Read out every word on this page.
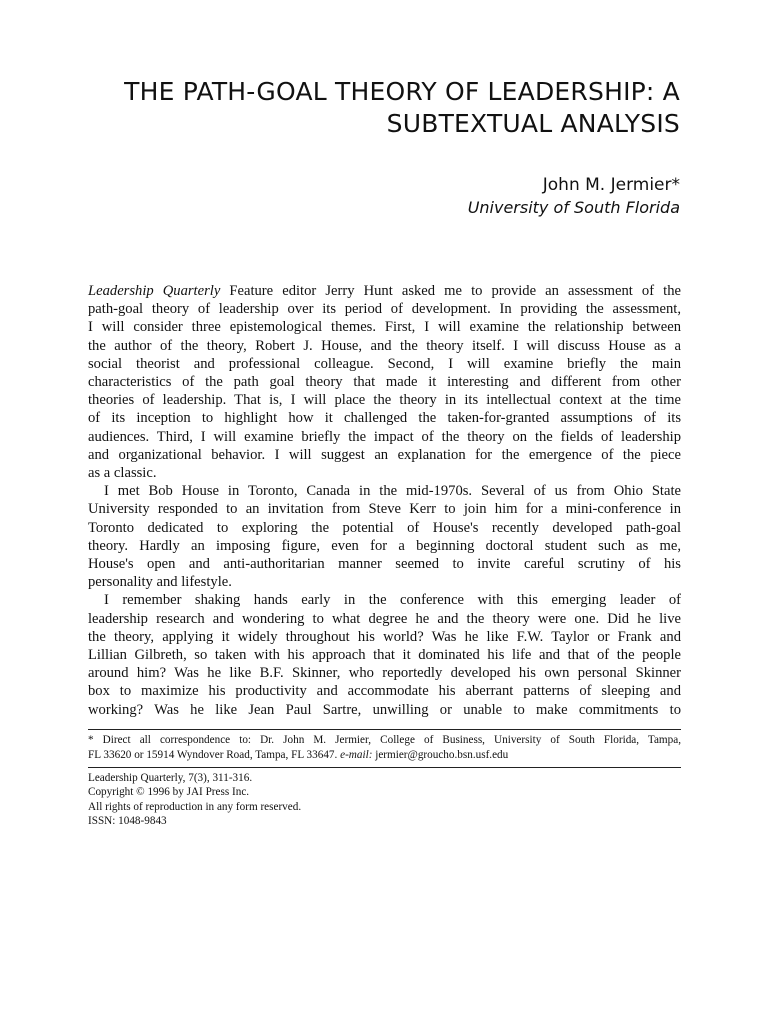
THE PATH-GOAL THEORY OF LEADERSHIP: A
SUBTEXTUAL ANALYSIS
John M. Jermier*
University of South Florida
Leadership Quarterly Feature editor Jerry Hunt asked me to provide an assessment of the
path-goal theory of leadership over its period of development. In providing the assessment,
I will consider three epistemological themes. First, I will examine the relationship between
the author of the theory, Robert J. House, and the theory itself. I will discuss House as a
social theorist and professional colleague. Second, I will examine briefly the main
characteristics of the path goal theory that made it interesting and different from other
theories of leadership. That is, I will place the theory in its intellectual context at the time
of its inception to highlight how it challenged the taken-for-granted assumptions of its
audiences. Third, I will examine briefly the impact of the theory on the fields of leadership
and organizational behavior. I will suggest an explanation for the emergence of the piece
as a classic.
I met Bob House in Toronto, Canada in the mid-1970s. Several of us from Ohio State
University responded to an invitation from Steve Kerr to join him for a mini-conference in
Toronto dedicated to exploring the potential of House's recently developed path-goal
theory. Hardly an imposing figure, even for a beginning doctoral student such as me,
House's open and anti-authoritarian manner seemed to invite careful scrutiny of his
personality and lifestyle.
I remember shaking hands early in the conference with this emerging leader of
leadership research and wondering to what degree he and the theory were one. Did he live
the theory, applying it widely throughout his world? Was he like F.W. Taylor or Frank and
Lillian Gilbreth, so taken with his approach that it dominated his life and that of the people
around him? Was he like B.F. Skinner, who reportedly developed his own personal Skinner
box to maximize his productivity and accommodate his aberrant patterns of sleeping and
working? Was he like Jean Paul Sartre, unwilling or unable to make commitments to
* Direct all correspondence to: Dr. John M. Jermier, College of Business, University of South Florida, Tampa,
FL 33620 or 15914 Wyndover Road, Tampa, FL 33647. e-mail: jermier@groucho.bsn.usf.edu
Leadership Quarterly, 7(3), 311-316.
Copyright © 1996 by JAI Press Inc.
All rights of reproduction in any form reserved.
ISSN: 1048-9843
